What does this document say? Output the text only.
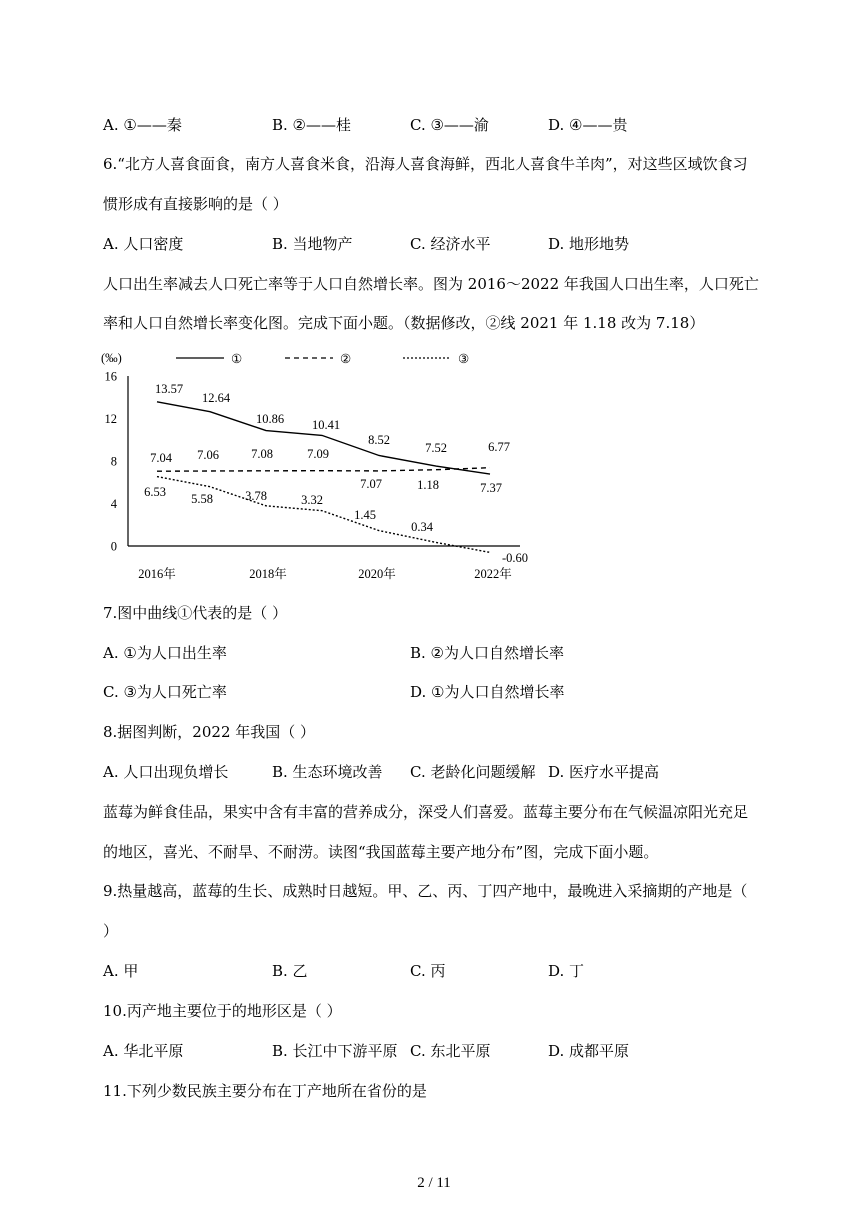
A. ①——秦	B. ②——桂	C. ③——渝	D. ④——贵
6.“北方人喜食面食，南方人喜食米食，沿海人喜食海鲜，西北人喜食牛羊肉”，对这些区域饮食习
惯形成有直接影响的是（ ）
A. 人口密度	B. 当地物产	C. 经济水平	D. 地形地势
人口出生率减去人口死亡率等于人口自然增长率。图为 2016～2022 年我国人口出生率，人口死亡
率和人口自然增长率变化图。完成下面小题。（数据修改，②线 2021 年 1.18 改为 7.18）
16
12
8
4
0
(‰)
2016年	2018年	2020年	2022年
①	②	③
13.57
12.64
10.86 10.41
8.52
7.52	6.77
7.04 7.06	7.08	7.09
7.07	1.18	7.37
6.53 5.58	3.78	3.32
1.45
0.34
-0.60
7.图中曲线①代表的是（ ）
A. ①为人口出生率	B. ②为人口自然增长率
C. ③为人口死亡率	D. ①为人口自然增长率
8.据图判断，2022 年我国（ ）
A. 人口出现负增长	B. 生态环境改善 C. 老龄化问题缓解 D. 医疗水平提高
蓝莓为鲜食佳品，果实中含有丰富的营养成分，深受人们喜爱。蓝莓主要分布在气候温凉阳光充足
的地区，喜光、不耐旱、不耐涝。读图“我国蓝莓主要产地分布”图，完成下面小题。
9.热量越高，蓝莓的生长、成熟时日越短。甲、乙、丙、丁四产地中，最晚进入采摘期的产地是（
）
A. 甲	B. 乙	C. 丙	D. 丁
10.丙产地主要位于的地形区是（ ）
A. 华北平原	B. 长江中下游平原 C. 东北平原	D. 成都平原
11.下列少数民族主要分布在丁产地所在省份的是
2 / 11
